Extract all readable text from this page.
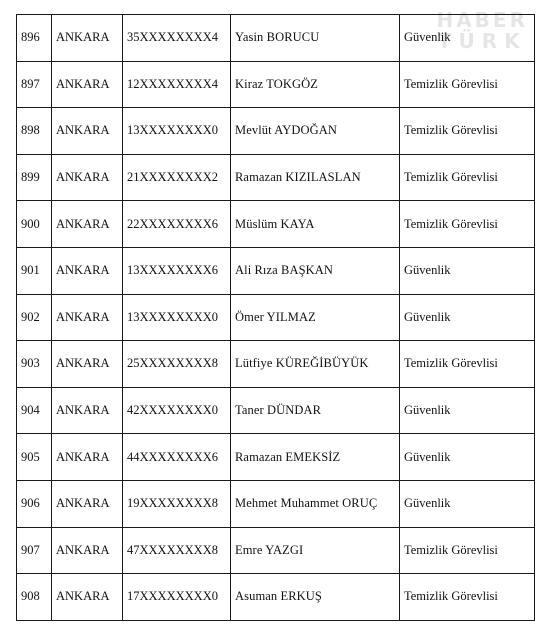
896	ANKARA	35XXXXXXXX4	Yasin BORUCU	Güvenlik
897	ANKARA	12XXXXXXXX4	Kiraz TOKGÖZ	Temizlik Görevlisi
898	ANKARA	13XXXXXXXX0	Mevlüt AYDOĞAN	Temizlik Görevlisi
899	ANKARA	21XXXXXXXX2	Ramazan KIZILASLAN	Temizlik Görevlisi
900	ANKARA	22XXXXXXXX6	Müslüm KAYA	Temizlik Görevlisi
901	ANKARA	13XXXXXXXX6	Ali Rıza BAŞKAN	Güvenlik
902	ANKARA	13XXXXXXXX0	Ömer YILMAZ	Güvenlik
903	ANKARA	25XXXXXXXX8	Lütfiye KÜREĞİBÜYÜK	Temizlik Görevlisi
904	ANKARA	42XXXXXXXX0	Taner DÜNDAR	Güvenlik
905	ANKARA	44XXXXXXXX6	Ramazan EMEKSİZ	Güvenlik
906	ANKARA	19XXXXXXXX8	Mehmet Muhammet ORUÇ	Güvenlik
907	ANKARA	47XXXXXXXX8	Emre YAZGI	Temizlik Görevlisi
908	ANKARA	17XXXXXXXX0	Asuman ERKUŞ	Temizlik Görevlisi
HABER
TÜRK
